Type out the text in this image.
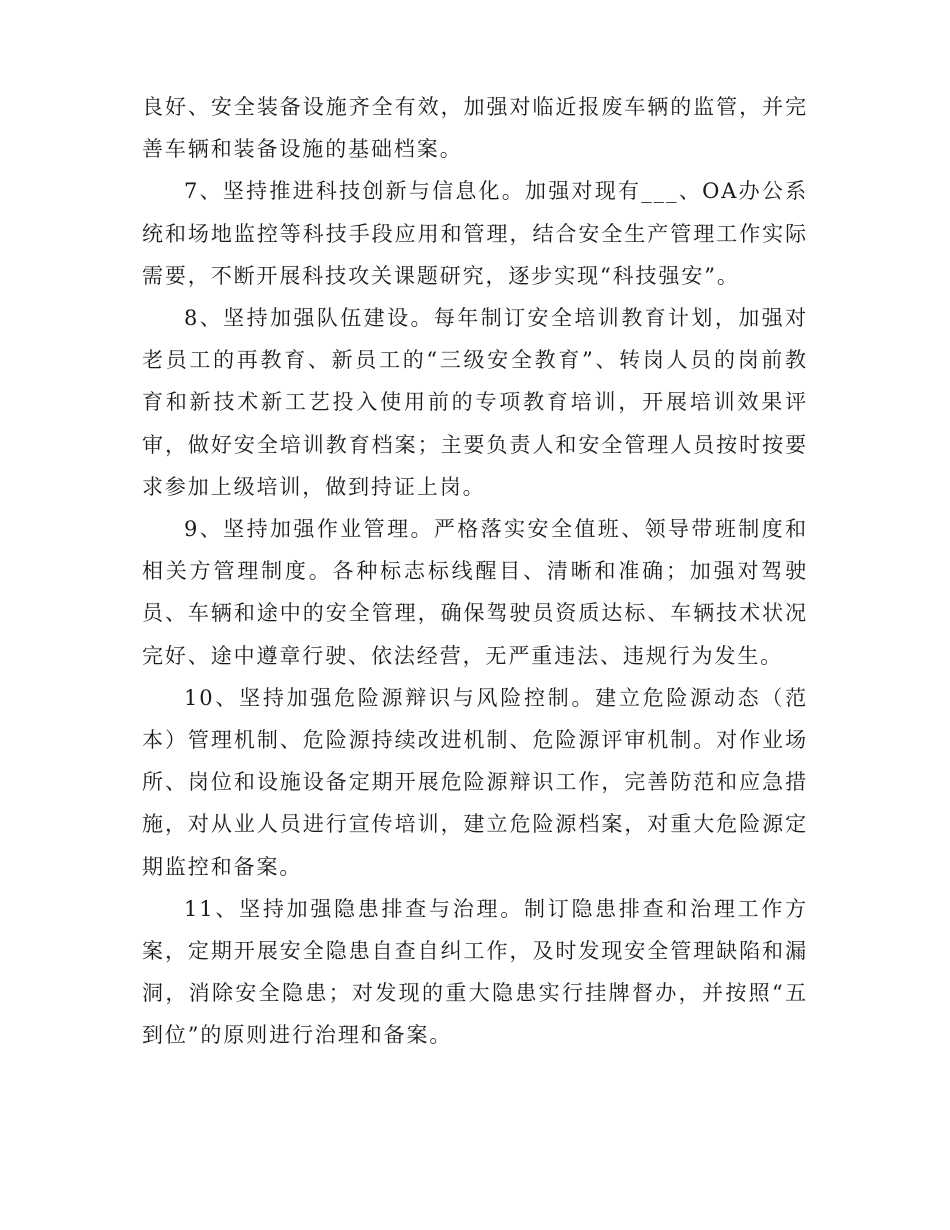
良好、安全装备设施齐全有效，加强对临近报废车辆的监管，并完善车辆和装备设施的基础档案。

7、坚持推进科技创新与信息化。加强对现有___、OA办公系统和场地监控等科技手段应用和管理，结合安全生产管理工作实际需要，不断开展科技攻关课题研究，逐步实现“科技强安”。

8、坚持加强队伍建设。每年制订安全培训教育计划，加强对老员工的再教育、新员工的“三级安全教育”、转岗人员的岗前教育和新技术新工艺投入使用前的专项教育培训，开展培训效果评审，做好安全培训教育档案；主要负责人和安全管理人员按时按要求参加上级培训，做到持证上岗。

9、坚持加强作业管理。严格落实安全值班、领导带班制度和相关方管理制度。各种标志标线醒目、清晰和准确；加强对驾驶员、车辆和途中的安全管理，确保驾驶员资质达标、车辆技术状况完好、途中遵章行驶、依法经营，无严重违法、违规行为发生。

10、坚持加强危险源辩识与风险控制。建立危险源动态（范本）管理机制、危险源持续改进机制、危险源评审机制。对作业场所、岗位和设施设备定期开展危险源辩识工作，完善防范和应急措施，对从业人员进行宣传培训，建立危险源档案，对重大危险源定期监控和备案。

11、坚持加强隐患排查与治理。制订隐患排查和治理工作方案，定期开展安全隐患自查自纠工作，及时发现安全管理缺陷和漏洞，消除安全隐患；对发现的重大隐患实行挂牌督办，并按照“五到位”的原则进行治理和备案。
